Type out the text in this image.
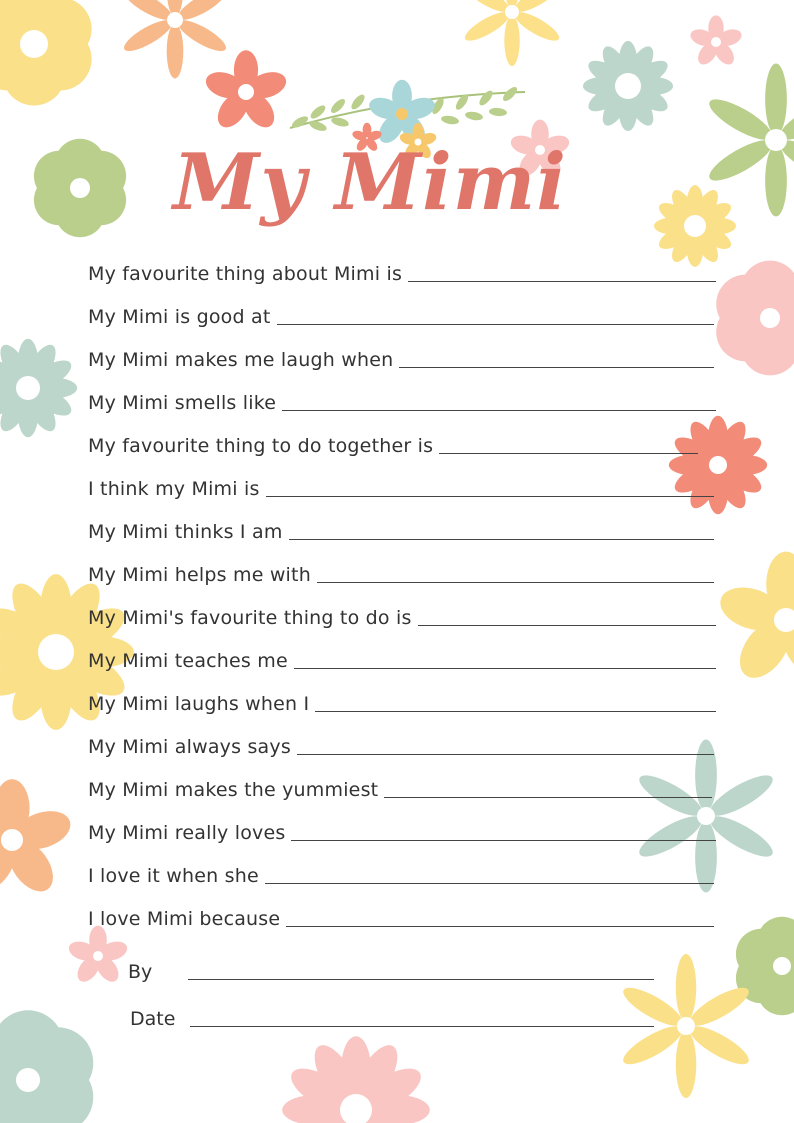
My Mimi
My favourite thing about Mimi is
My Mimi is good at
My Mimi makes me laugh when
My Mimi smells like
My favourite thing to do together is
I think my Mimi is
My Mimi thinks I am
My Mimi helps me with
My Mimi's favourite thing to do is
My Mimi teaches me
My Mimi laughs when I
My Mimi always says
My Mimi makes the yummiest
My Mimi really loves
I love it when she
I love Mimi because
By
Date
